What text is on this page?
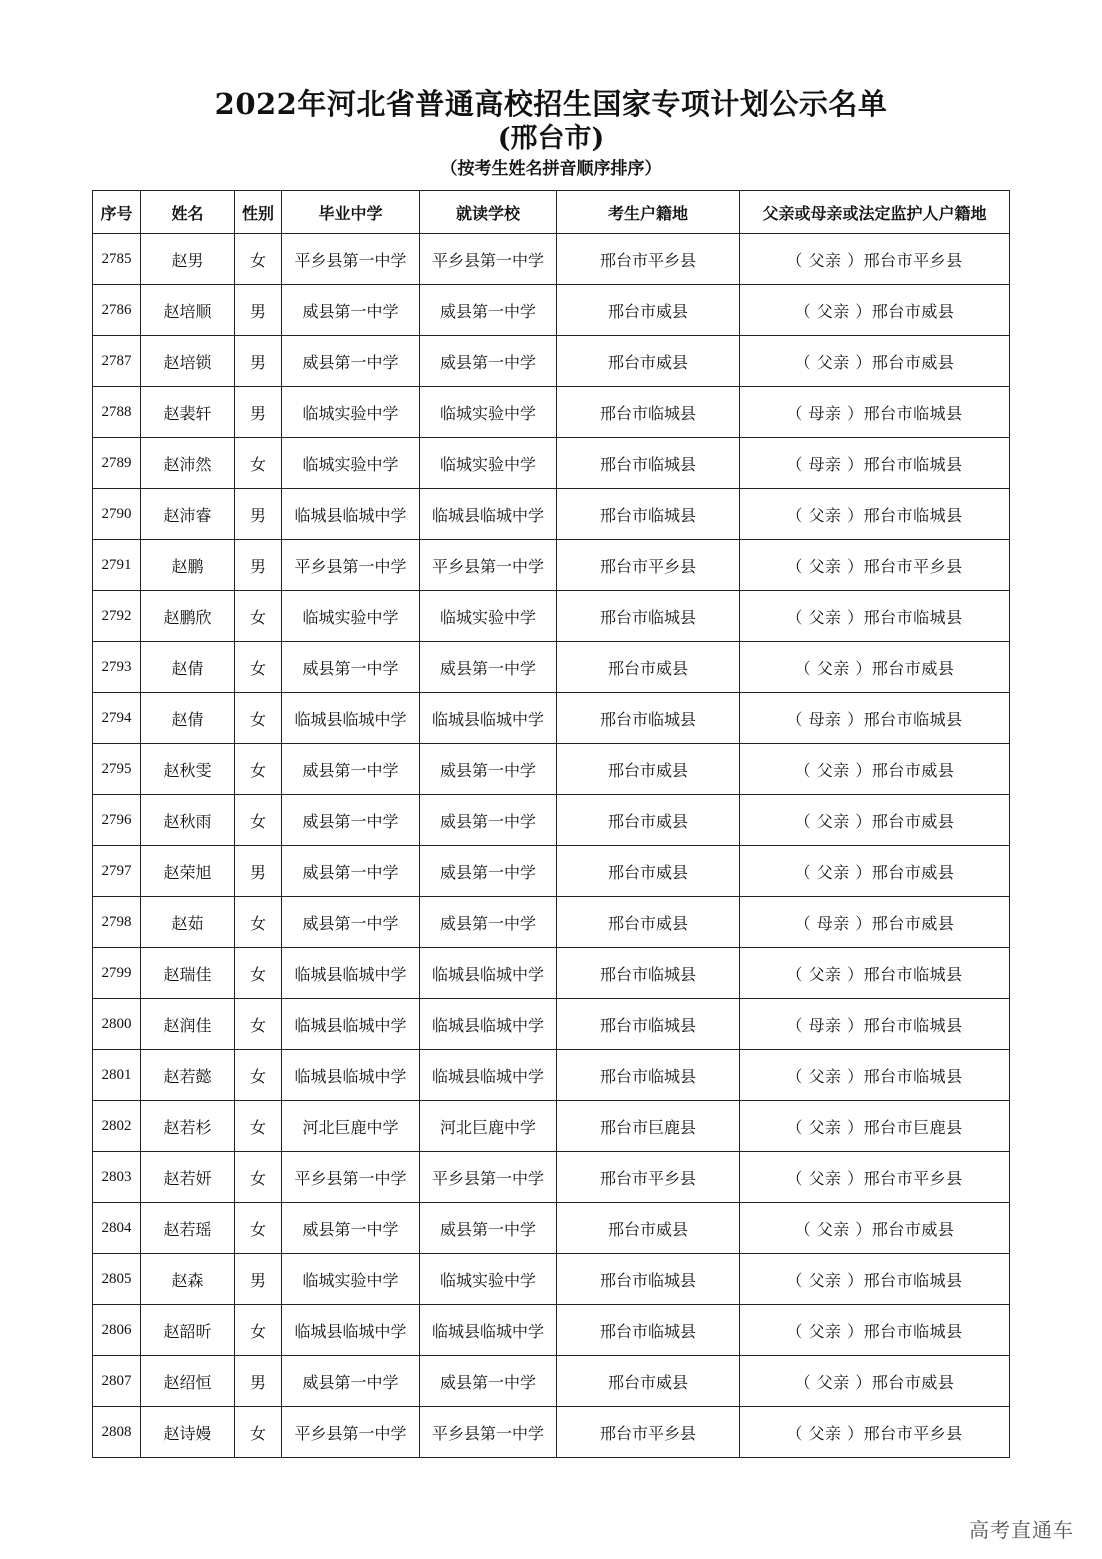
2022年河北省普通高校招生国家专项计划公示名单
(邢台市)
（按考生姓名拼音顺序排序）
序号	姓名	性别	毕业中学	就读学校	考生户籍地	父亲或母亲或法定监护人户籍地
2785	赵男	女	平乡县第一中学	平乡县第一中学	邢台市平乡县	（ 父亲 ）邢台市平乡县
2786	赵培顺	男	威县第一中学	威县第一中学	邢台市威县	（ 父亲 ）邢台市威县
2787	赵培锁	男	威县第一中学	威县第一中学	邢台市威县	（ 父亲 ）邢台市威县
2788	赵裴轩	男	临城实验中学	临城实验中学	邢台市临城县	（ 母亲 ）邢台市临城县
2789	赵沛然	女	临城实验中学	临城实验中学	邢台市临城县	（ 母亲 ）邢台市临城县
2790	赵沛睿	男	临城县临城中学	临城县临城中学	邢台市临城县	（ 父亲 ）邢台市临城县
2791	赵鹏	男	平乡县第一中学	平乡县第一中学	邢台市平乡县	（ 父亲 ）邢台市平乡县
2792	赵鹏欣	女	临城实验中学	临城实验中学	邢台市临城县	（ 父亲 ）邢台市临城县
2793	赵倩	女	威县第一中学	威县第一中学	邢台市威县	（ 父亲 ）邢台市威县
2794	赵倩	女	临城县临城中学	临城县临城中学	邢台市临城县	（ 母亲 ）邢台市临城县
2795	赵秋雯	女	威县第一中学	威县第一中学	邢台市威县	（ 父亲 ）邢台市威县
2796	赵秋雨	女	威县第一中学	威县第一中学	邢台市威县	（ 父亲 ）邢台市威县
2797	赵荣旭	男	威县第一中学	威县第一中学	邢台市威县	（ 父亲 ）邢台市威县
2798	赵茹	女	威县第一中学	威县第一中学	邢台市威县	（ 母亲 ）邢台市威县
2799	赵瑞佳	女	临城县临城中学	临城县临城中学	邢台市临城县	（ 父亲 ）邢台市临城县
2800	赵润佳	女	临城县临城中学	临城县临城中学	邢台市临城县	（ 母亲 ）邢台市临城县
2801	赵若懿	女	临城县临城中学	临城县临城中学	邢台市临城县	（ 父亲 ）邢台市临城县
2802	赵若杉	女	河北巨鹿中学	河北巨鹿中学	邢台市巨鹿县	（ 父亲 ）邢台市巨鹿县
2803	赵若妍	女	平乡县第一中学	平乡县第一中学	邢台市平乡县	（ 父亲 ）邢台市平乡县
2804	赵若瑶	女	威县第一中学	威县第一中学	邢台市威县	（ 父亲 ）邢台市威县
2805	赵森	男	临城实验中学	临城实验中学	邢台市临城县	（ 父亲 ）邢台市临城县
2806	赵韶昕	女	临城县临城中学	临城县临城中学	邢台市临城县	（ 父亲 ）邢台市临城县
2807	赵绍恒	男	威县第一中学	威县第一中学	邢台市威县	（ 父亲 ）邢台市威县
2808	赵诗嫚	女	平乡县第一中学	平乡县第一中学	邢台市平乡县	（ 父亲 ）邢台市平乡县
高考直通车
